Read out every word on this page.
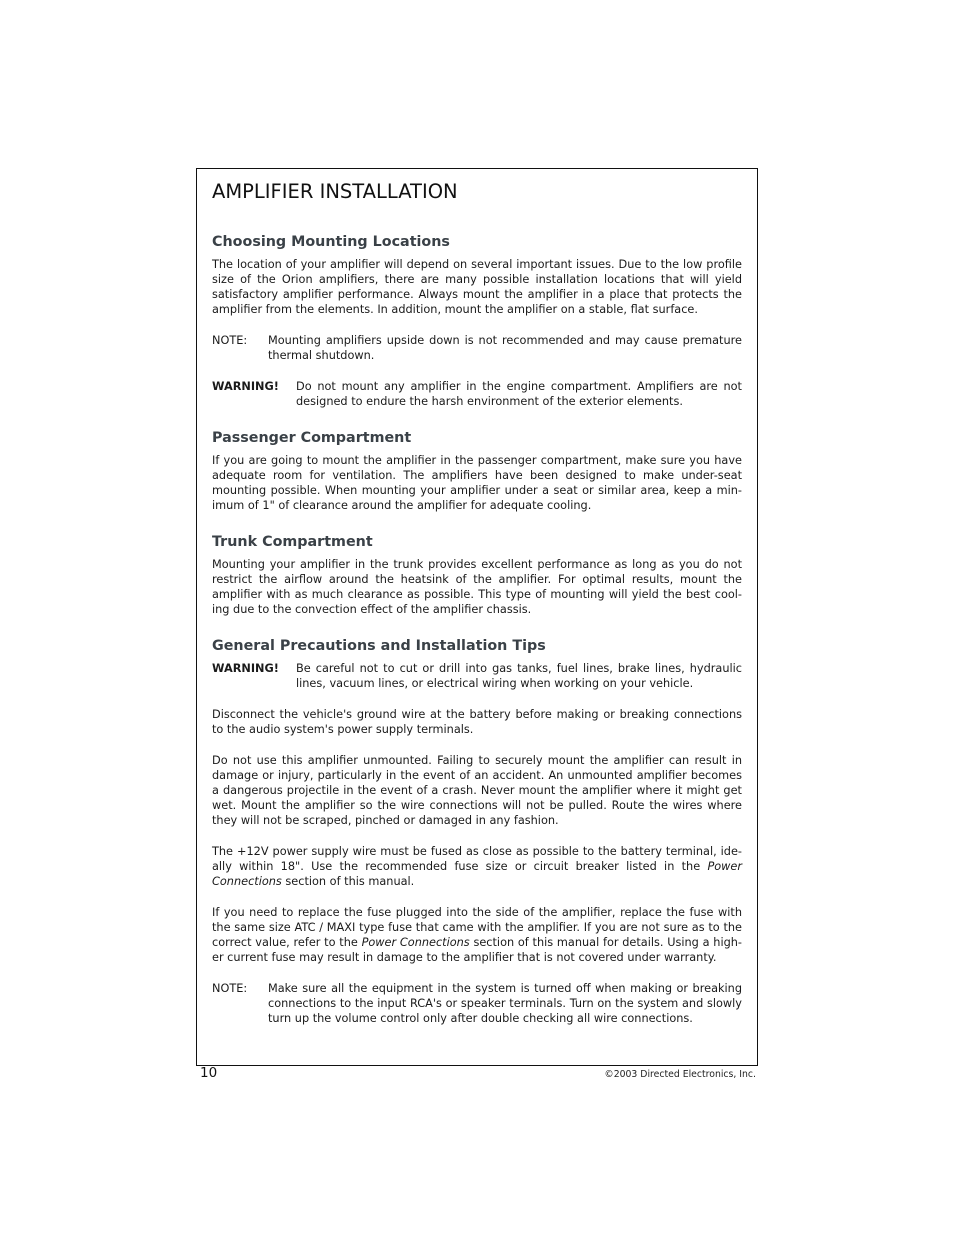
AMPLIFIER INSTALLATION
Choosing Mounting Locations

The location of your amplifier will depend on several important issues. Due to the low profile size of the Orion amplifiers, there are many possible installation locations that will yield satisfactory amplifier performance. Always mount the amplifier in a place that protects the amplifier from the elements. In addition, mount the amplifier on a stable, flat surface.

NOTE:	Mounting amplifiers upside down is not recommended and may cause premature thermal shutdown.
WARNING!	Do not mount any amplifier in the engine compartment. Amplifiers are not designed to endure the harsh environment of the exterior elements.
Passenger Compartment

If you are going to mount the amplifier in the passenger compartment, make sure you have adequate room for ventilation. The amplifiers have been designed to make under-seat mounting possible. When mounting your amplifier under a seat or similar area, keep a minimum of 1" of clearance around the amplifier for adequate cooling.

Trunk Compartment

Mounting your amplifier in the trunk provides excellent performance as long as you do not restrict the airflow around the heatsink of the amplifier. For optimal results, mount the amplifier with as much clearance as possible. This type of mounting will yield the best cooling due to the convection effect of the amplifier chassis.

General Precautions and Installation Tips
WARNING!	Be careful not to cut or drill into gas tanks, fuel lines, brake lines, hydraulic lines, vacuum lines, or electrical wiring when working on your vehicle.

Disconnect the vehicle's ground wire at the battery before making or breaking connections to the audio system's power supply terminals.

Do not use this amplifier unmounted. Failing to securely mount the amplifier can result in damage or injury, particularly in the event of an accident. An unmounted amplifier becomes a dangerous projectile in the event of a crash. Never mount the amplifier where it might get wet. Mount the amplifier so the wire connections will not be pulled. Route the wires where they will not be scraped, pinched or damaged in any fashion.

The +12V power supply wire must be fused as close as possible to the battery terminal, ideally within 18". Use the recommended fuse size or circuit breaker listed in the Power Connections section of this manual.

If you need to replace the fuse plugged into the side of the amplifier, replace the fuse with the same size ATC / MAXI type fuse that came with the amplifier. If you are not sure as to the correct value, refer to the Power Connections section of this manual for details. Using a higher current fuse may result in damage to the amplifier that is not covered under warranty.

NOTE:	Make sure all the equipment in the system is turned off when making or breaking connections to the input RCA's or speaker terminals. Turn on the system and slowly turn up the volume control only after double checking all wire connections.
10	©2003 Directed Electronics, Inc.
